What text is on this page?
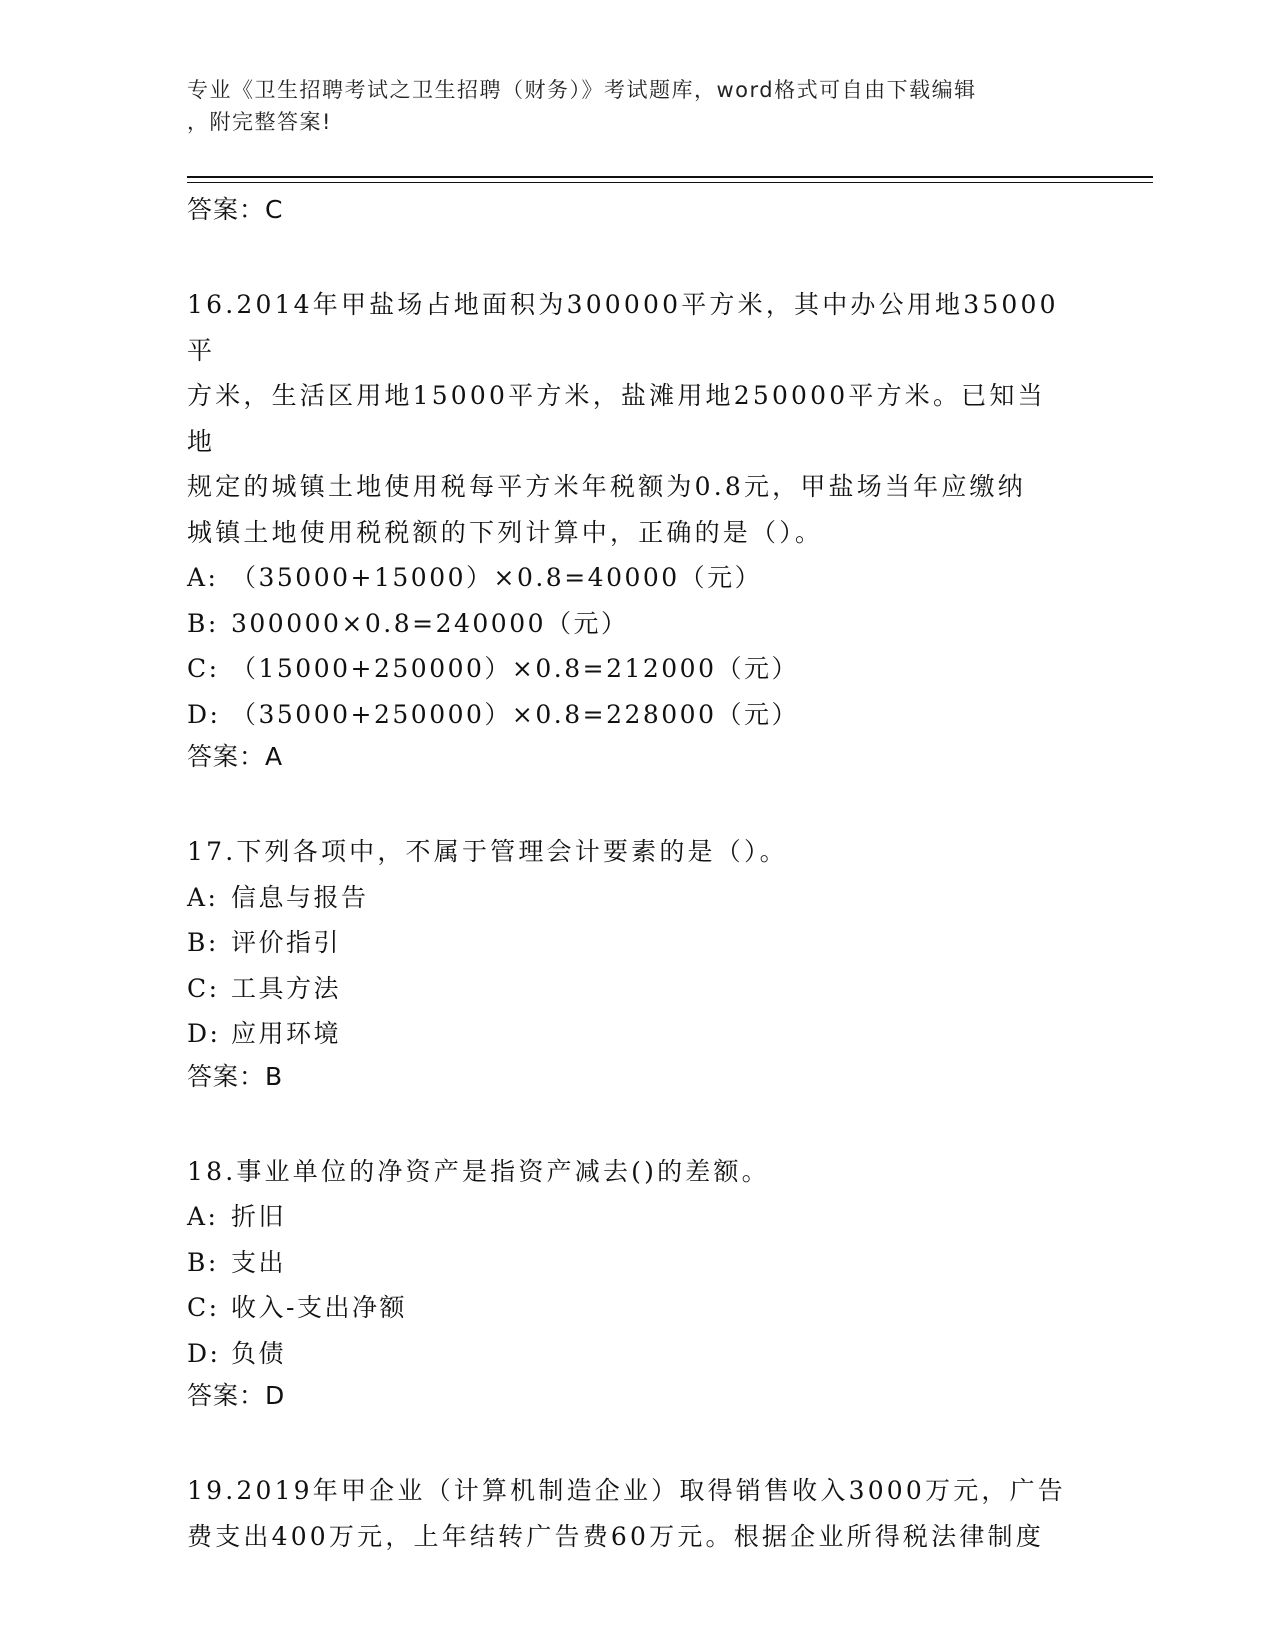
专业《卫生招聘考试之卫生招聘（财务）》考试题库，word格式可自由下载编辑
，附完整答案!
答案：C
16.2014年甲盐场占地面积为300000平方米，其中办公用地35000平
方米，生活区用地15000平方米，盐滩用地250000平方米。已知当地
规定的城镇土地使用税每平方米年税额为0.8元，甲盐场当年应缴纳
城镇土地使用税税额的下列计算中，正确的是（）。
A: （35000+15000）×0.8=40000（元）
B: 300000×0.8=240000（元）
C: （15000+250000）×0.8=212000（元）
D: （35000+250000）×0.8=228000（元）
答案：A
17.下列各项中，不属于管理会计要素的是（）。
A: 信息与报告
B: 评价指引
C: 工具方法
D: 应用环境
答案：B
18.事业单位的净资产是指资产减去()的差额。
A: 折旧
B: 支出
C: 收入-支出净额
D: 负债
答案：D
19.2019年甲企业（计算机制造企业）取得销售收入3000万元，广告
费支出400万元，上年结转广告费60万元。根据企业所得税法律制度
